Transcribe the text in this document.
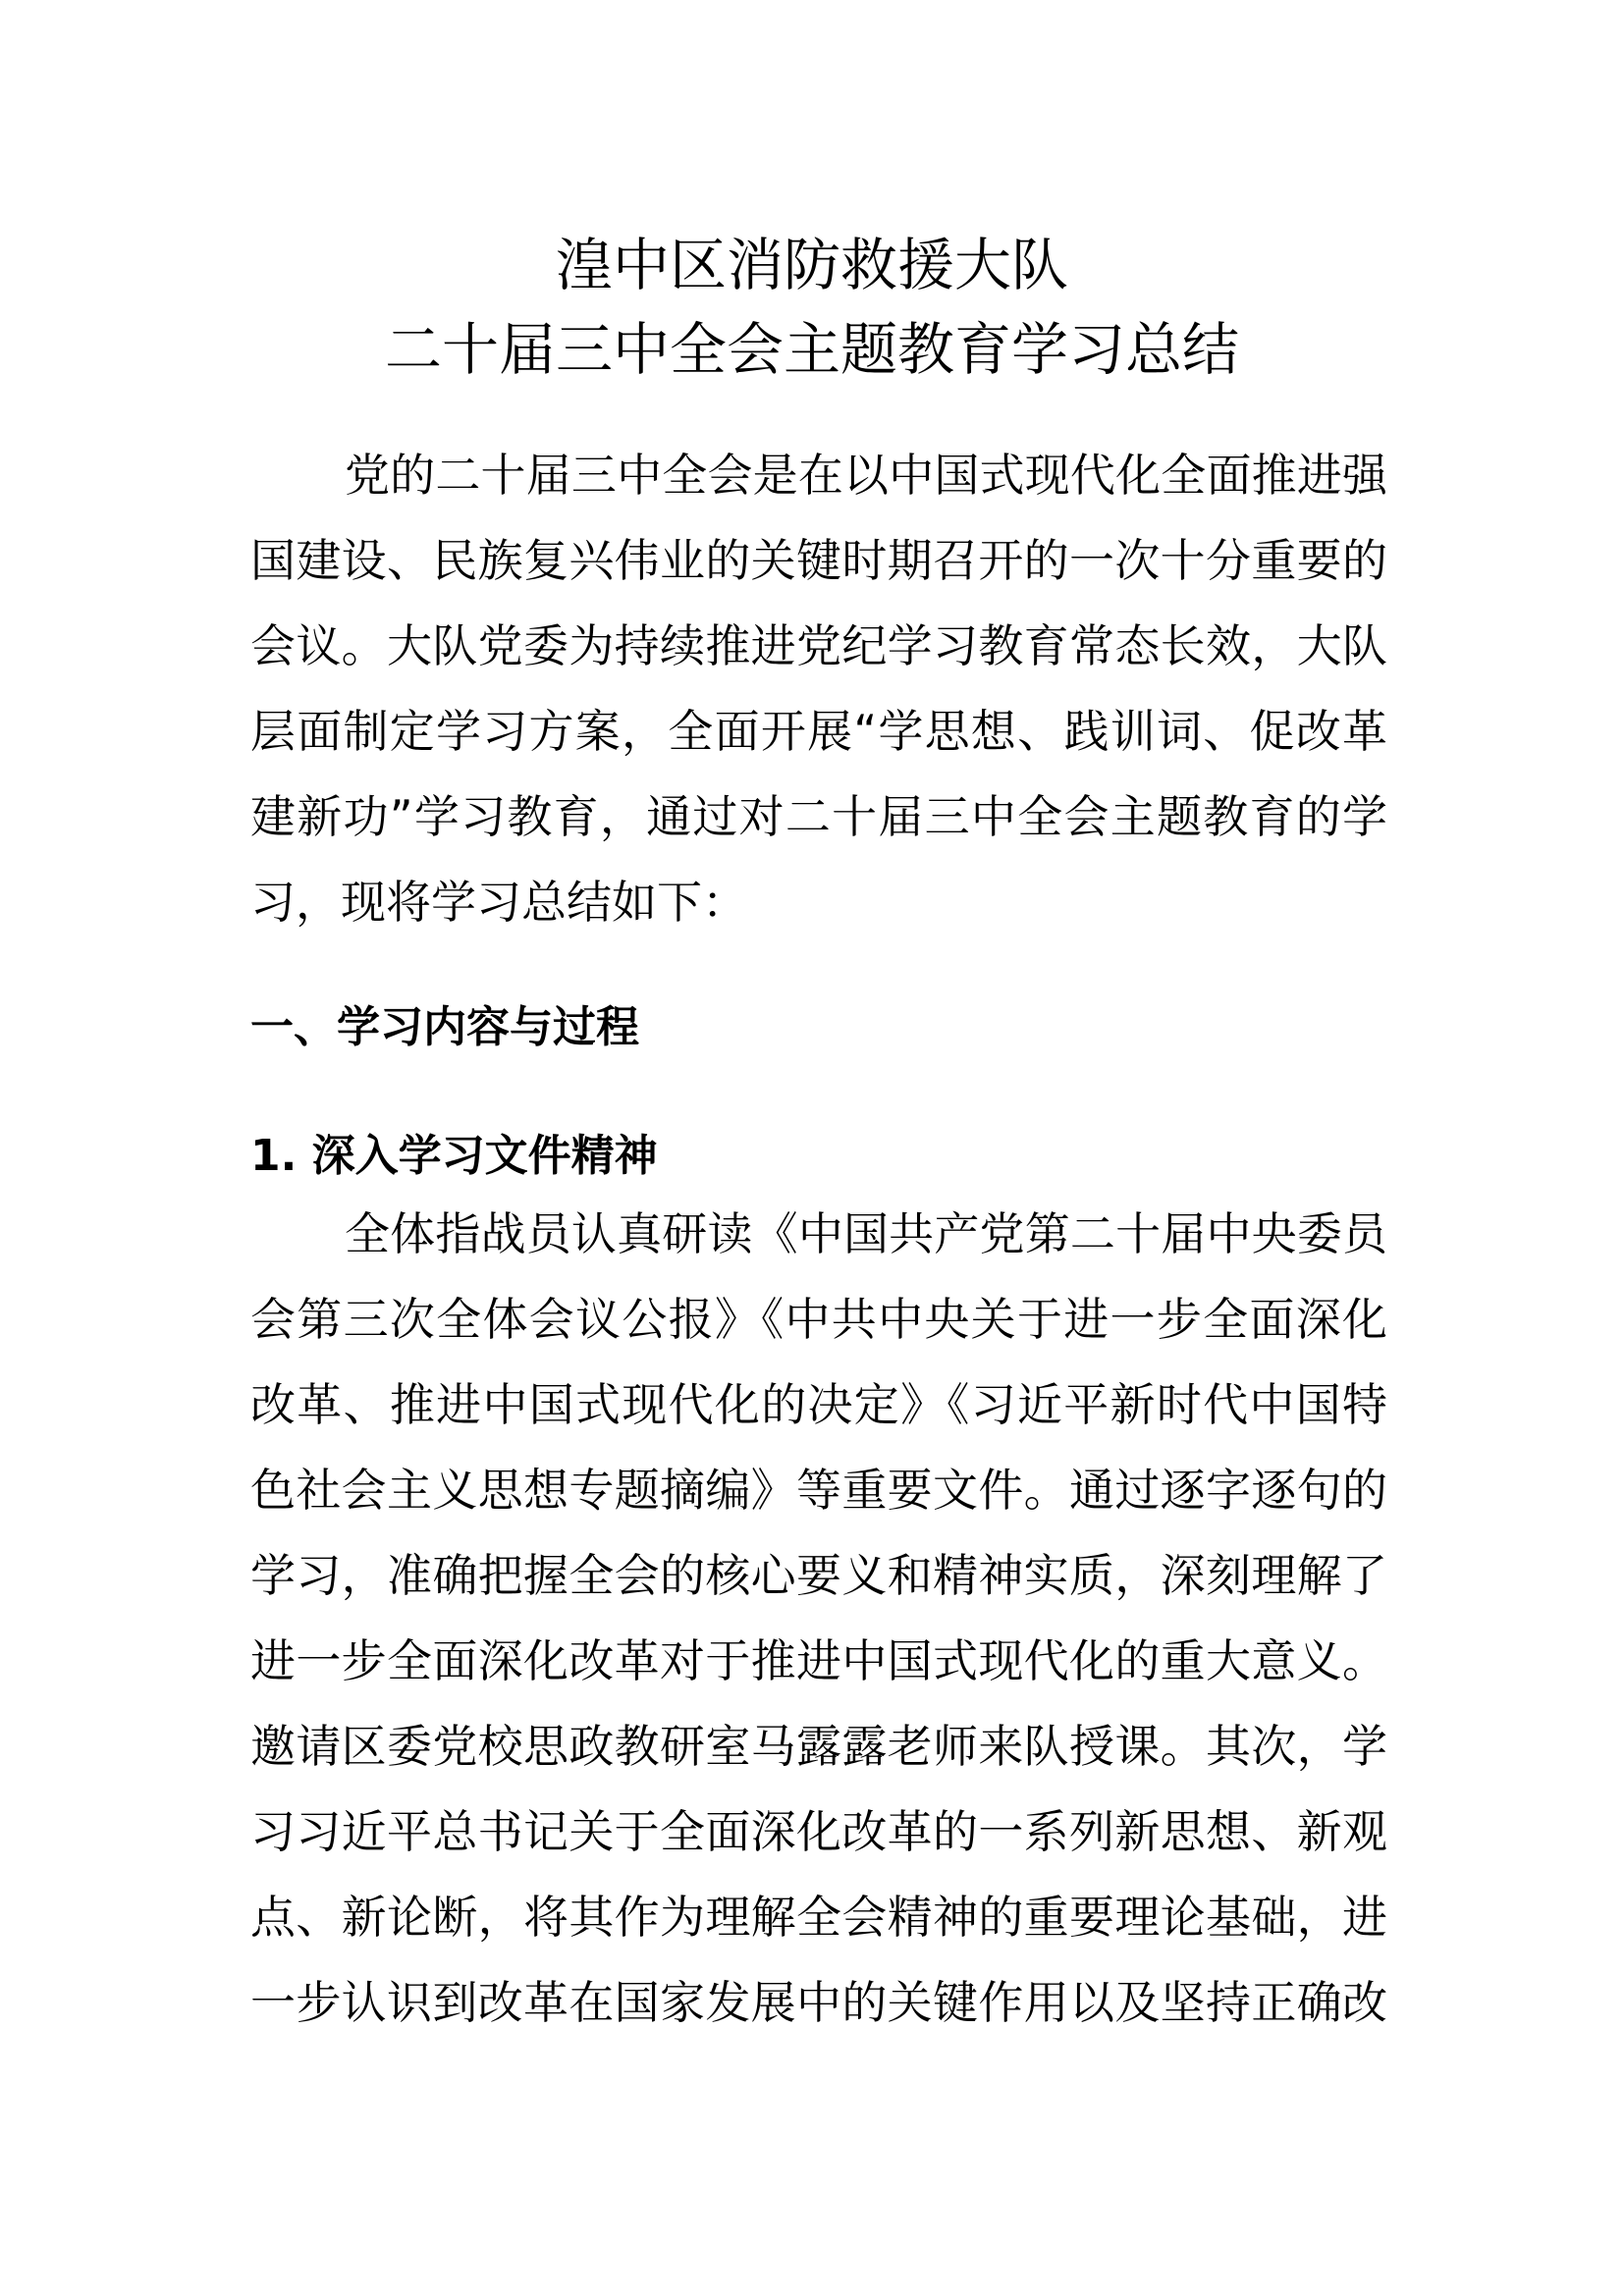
湟中区消防救援大队
二十届三中全会主题教育学习总结
党的二十届三中全会是在以中国式现代化全面推进强
国建设、民族复兴伟业的关键时期召开的一次十分重要的
会议。大队党委为持续推进党纪学习教育常态长效，大队
层面制定学习方案，全面开展“学思想、践训词、促改革
建新功”学习教育，通过对二十届三中全会主题教育的学
习，现将学习总结如下：
一、学习内容与过程
1. 深入学习文件精神
全体指战员认真研读《中国共产党第二十届中央委员
会第三次全体会议公报》《中共中央关于进一步全面深化
改革、推进中国式现代化的决定》《习近平新时代中国特
色社会主义思想专题摘编》等重要文件。通过逐字逐句的
学习，准确把握全会的核心要义和精神实质，深刻理解了
进一步全面深化改革对于推进中国式现代化的重大意义。
邀请区委党校思政教研室马露露老师来队授课。其次，学
习习近平总书记关于全面深化改革的一系列新思想、新观
点、新论断，将其作为理解全会精神的重要理论基础，进
一步认识到改革在国家发展中的关键作用以及坚持正确改
